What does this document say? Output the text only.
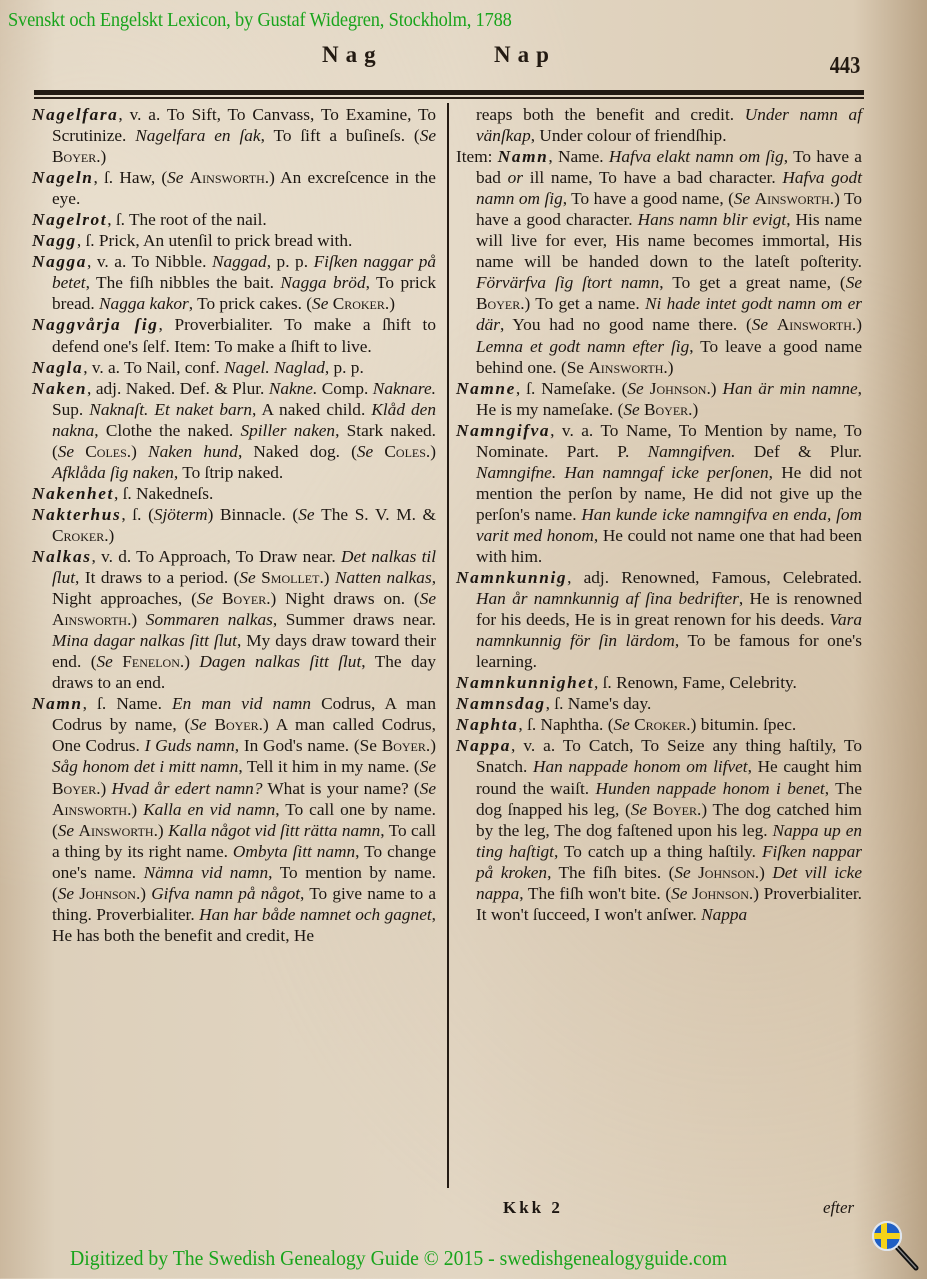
Svenskt och Engelskt Lexicon, by Gustaf Widegren, Stockholm, 1788
Nag	Nap	443

Nagelfara, v. a. To Sift, To Canvass, To Examine, To Scrutinize. Nagelfara en ſak, To ſift a buſineſs. (Se Boyer.)

Nageln, ſ. Haw, (Se Ainsworth.) An excreſcence in the eye.

Nagelrot, ſ. The root of the nail.

Nagg, ſ. Prick, An utenſil to prick bread with.

Nagga, v. a. To Nibble. Naggad, p. p. Fiſken naggar på betet, The fiſh nibbles the bait. Nagga bröd, To prick bread. Nagga kakor, To prick cakes. (Se Croker.)

Naggvårja ſig, Proverbialiter. To make a ſhift to defend one's ſelf. Item: To make a ſhift to live.

Nagla, v. a. To Nail, conf. Nagel. Naglad, p. p.

Naken, adj. Naked. Def. & Plur. Nakne. Comp. Naknare. Sup. Naknaſt. Et naket barn, A naked child. Klåd den nakna, Clothe the naked. Spiller naken, Stark naked. (Se Coles.) Naken hund, Naked dog. (Se Coles.) Afklåda ſig naken, To ſtrip naked.

Nakenhet, ſ. Nakedneſs.

Nakterhus, ſ. (Sjöterm) Binnacle. (Se The S. V. M. & Croker.)

Nalkas, v. d. To Approach, To Draw near. Det nalkas til ſlut, It draws to a period. (Se Smollet.) Natten nalkas, Night approaches, (Se Boyer.) Night draws on. (Se Ainsworth.) Sommaren nalkas, Summer draws near. Mina dagar nalkas ſitt ſlut, My days draw toward their end. (Se Fenelon.) Dagen nalkas ſitt ſlut, The day draws to an end.

Namn, ſ. Name. En man vid namn Codrus, A man Codrus by name, (Se Boyer.) A man called Codrus, One Codrus. I Guds namn, In God's name. (Se Boyer.) Såg honom det i mitt namn, Tell it him in my name. (Se Boyer.) Hvad år edert namn? What is your name? (Se Ainsworth.) Kalla en vid namn, To call one by name. (Se Ainsworth.) Kalla något vid ſitt rätta namn, To call a thing by its right name. Ombyta ſitt namn, To change one's name. Nämna vid namn, To mention by name. (Se Johnson.) Gifva namn på något, To give name to a thing. Proverbialiter. Han har både namnet och gagnet, He has both the benefit and credit, He

reaps both the benefit and credit. Under namn af vänſkap, Under colour of friendſhip.

Item: Namn, Name. Hafva elakt namn om ſig, To have a bad or ill name, To have a bad character. Hafva godt namn om ſig, To have a good name, (Se Ainsworth.) To have a good character. Hans namn blir evigt, His name will live for ever, His name becomes immortal, His name will be handed down to the lateſt poſterity. Förvärfva ſig ſtort namn, To get a great name, (Se Boyer.) To get a name. Ni hade intet godt namn om er där, You had no good name there. (Se Ainsworth.) Lemna et godt namn efter ſig, To leave a good name behind one. (Se Ainsworth.)

Namne, ſ. Nameſake. (Se Johnson.) Han är min namne, He is my nameſake. (Se Boyer.)

Namngifva, v. a. To Name, To Mention by name, To Nominate. Part. P. Namngifven. Def & Plur. Namngifne. Han namngaf icke perſonen, He did not mention the perſon by name, He did not give up the perſon's name. Han kunde icke namngifva en enda, ſom varit med honom, He could not name one that had been with him.

Namnkunnig, adj. Renowned, Famous, Celebrated. Han år namnkunnig af ſina bedrifter, He is renowned for his deeds, He is in great renown for his deeds. Vara namnkunnig för ſin lärdom, To be famous for one's learning.

Namnkunnighet, ſ. Renown, Fame, Celebrity.

Namnsdag, ſ. Name's day.

Naphta, ſ. Naphtha. (Se Croker.) bitumin. ſpec.

Nappa, v. a. To Catch, To Seize any thing haſtily, To Snatch. Han nappade honom om lifvet, He caught him round the waiſt. Hunden nappade honom i benet, The dog ſnapped his leg, (Se Boyer.) The dog catched him by the leg, The dog faſtened upon his leg. Nappa up en ting haſtigt, To catch up a thing haſtily. Fiſken nappar på kroken, The fiſh bites. (Se Johnson.) Det vill icke nappa, The fiſh won't bite. (Se Johnson.) Proverbialiter. It won't ſucceed, I won't anſwer. Nappa

Kkk 2	efter
Digitized by The Swedish Genealogy Guide © 2015 - swedishgenealogyguide.com
